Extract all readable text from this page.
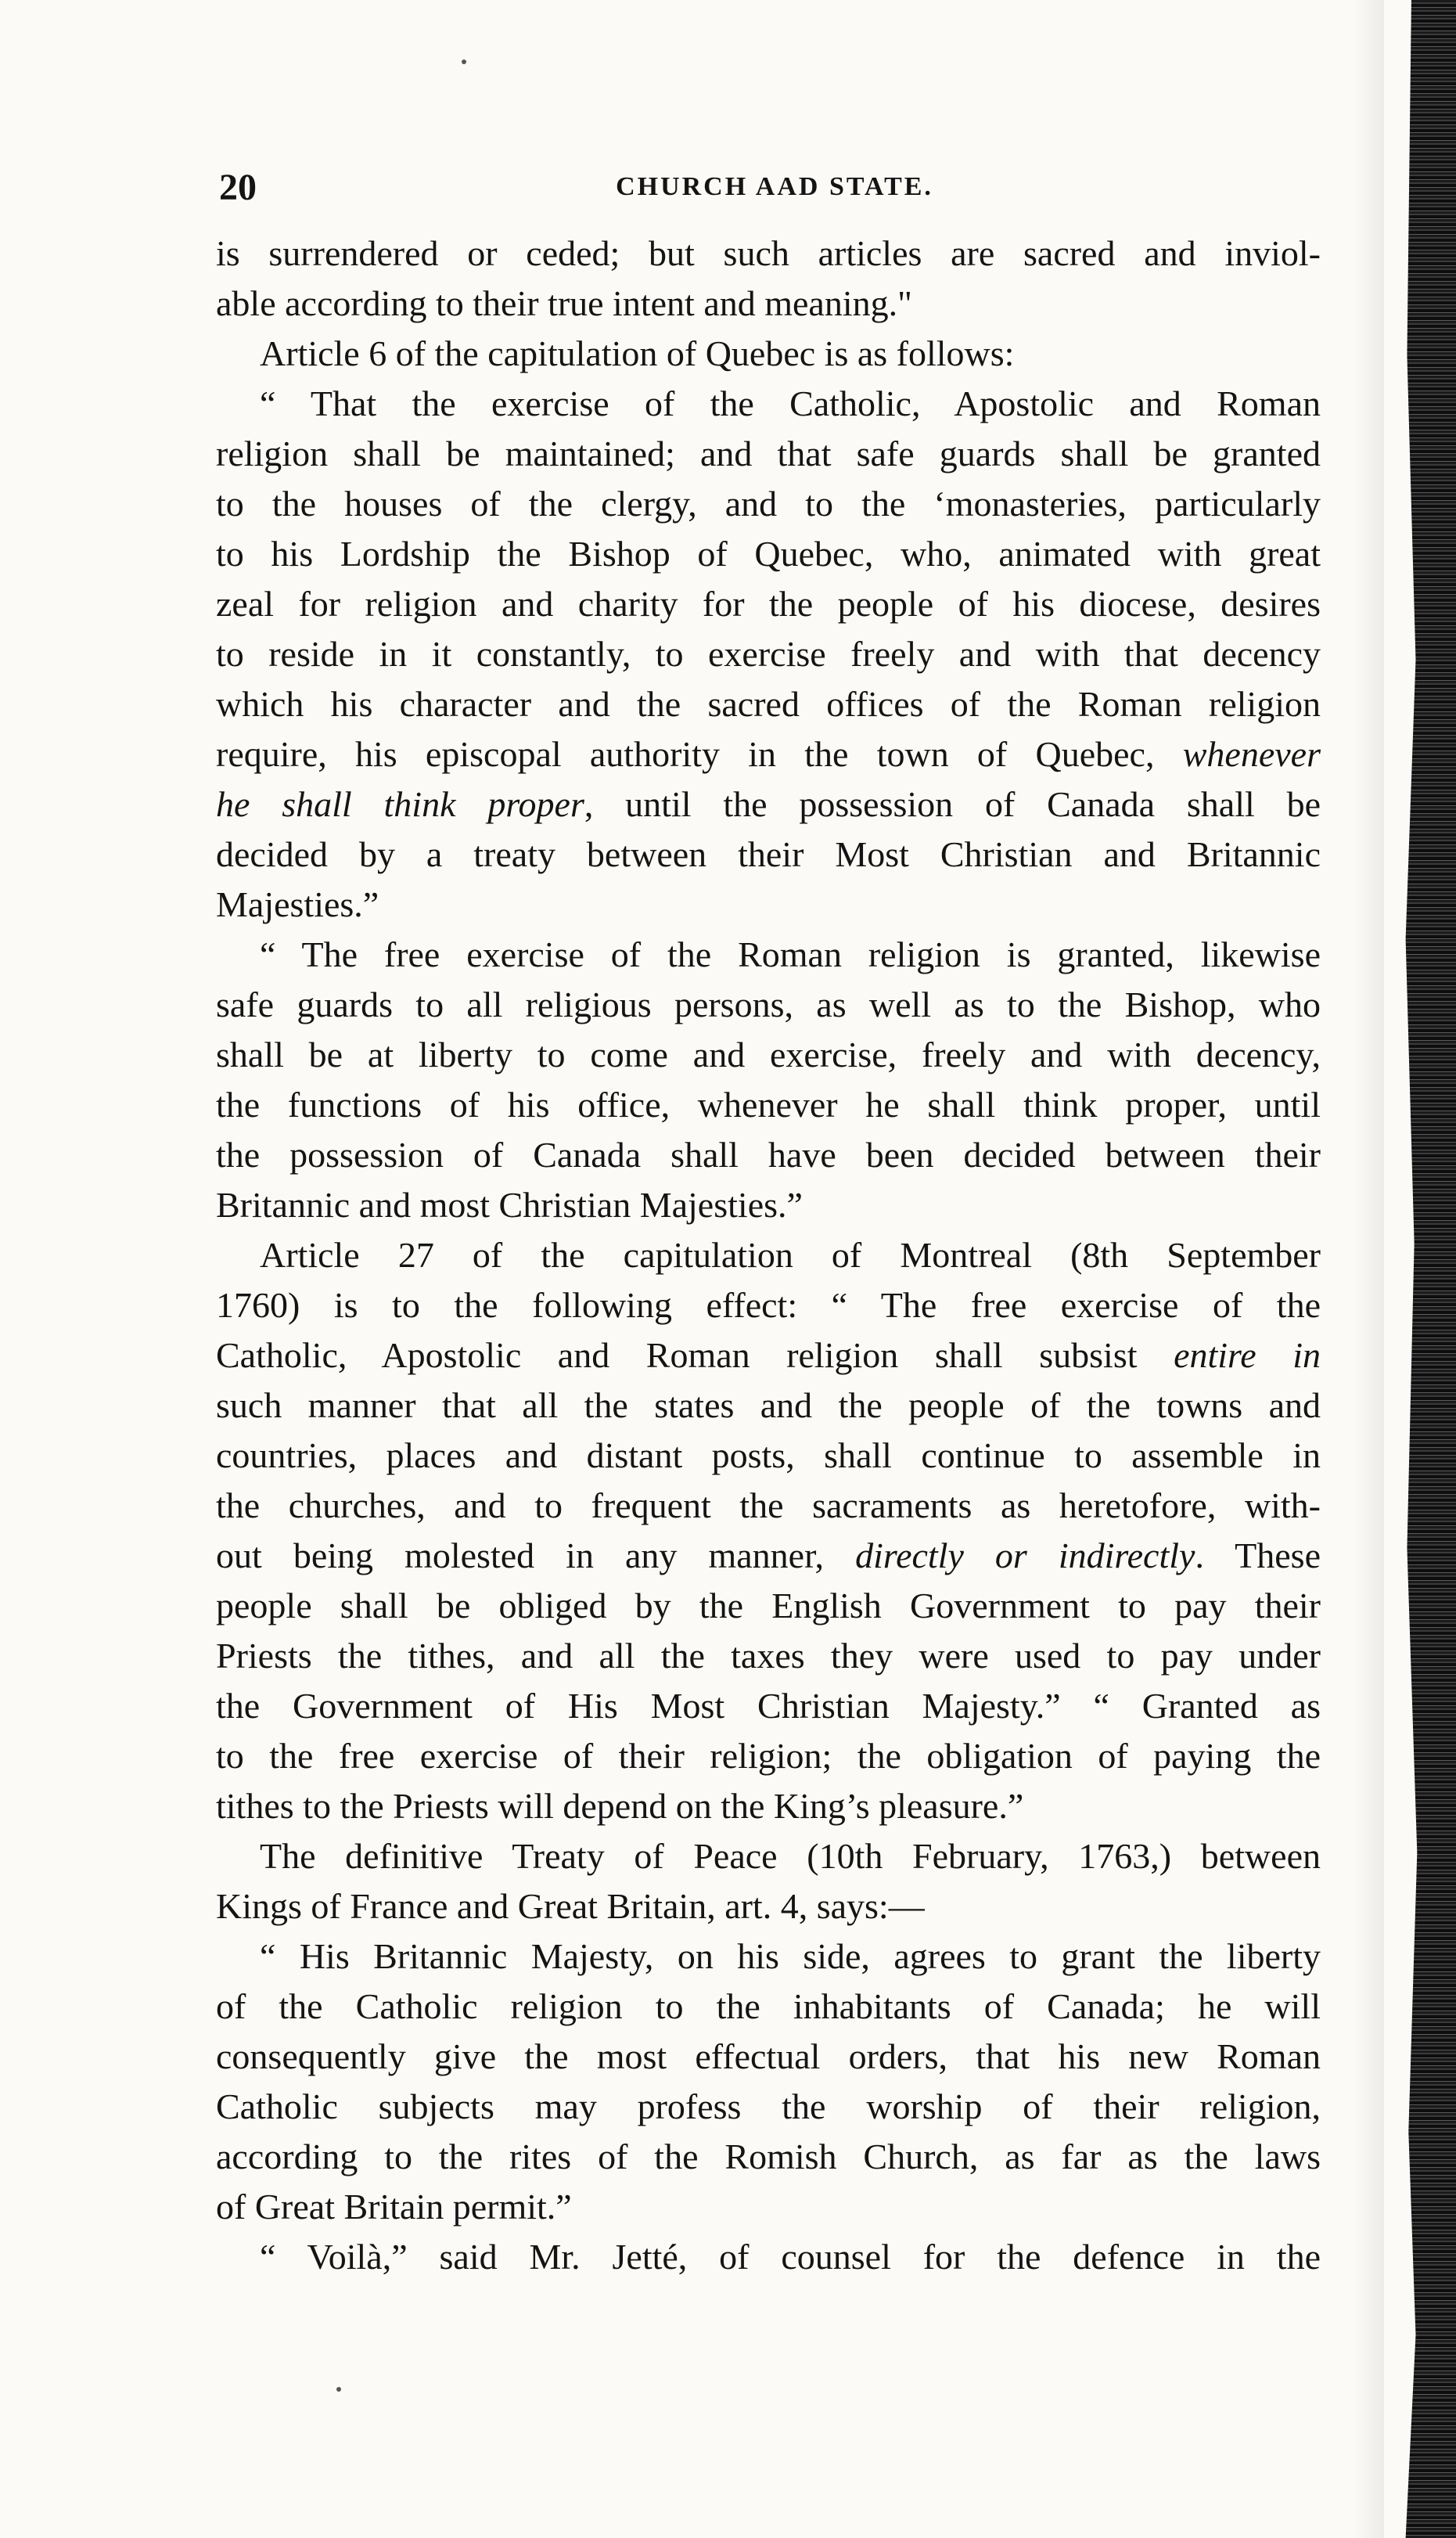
20	CHURCH AAD STATE.
is surrendered or ceded; but such articles are sacred and inviol-
able according to their true intent and meaning."
Article 6 of the capitulation of Quebec is as follows:
“ That the exercise of the Catholic, Apostolic and Roman
religion shall be maintained; and that safe guards shall be granted
to the houses of the clergy, and to the ‘monasteries, particularly
to his Lordship the Bishop of Quebec, who, animated with great
zeal for religion and charity for the people of his diocese, desires
to reside in it constantly, to exercise freely and with that decency
which his character and the sacred offices of the Roman religion
require, his episcopal authority in the town of Quebec, whenever
he shall think proper, until the possession of Canada shall be
decided by a treaty between their Most Christian and Britannic
Majesties.”
“ The free exercise of the Roman religion is granted, likewise
safe guards to all religious persons, as well as to the Bishop, who
shall be at liberty to come and exercise, freely and with decency,
the functions of his office, whenever he shall think proper, until
the possession of Canada shall have been decided between their
Britannic and most Christian Majesties.”
Article 27 of the capitulation of Montreal (8th September
1760) is to the following effect: “ The free exercise of the
Catholic, Apostolic and Roman religion shall subsist entire in
such manner that all the states and the people of the towns and
countries, places and distant posts, shall continue to assemble in
the churches, and to frequent the sacraments as heretofore, with-
out being molested in any manner, directly or indirectly. These
people shall be obliged by the English Government to pay their
Priests the tithes, and all the taxes they were used to pay under
the Government of His Most Christian Majesty.” “ Granted as
to the free exercise of their religion; the obligation of paying the
tithes to the Priests will depend on the King’s pleasure.”
The definitive Treaty of Peace (10th February, 1763,) between
Kings of France and Great Britain, art. 4, says:—
“ His Britannic Majesty, on his side, agrees to grant the liberty
of the Catholic religion to the inhabitants of Canada; he will
consequently give the most effectual orders, that his new Roman
Catholic subjects may profess the worship of their religion,
according to the rites of the Romish Church, as far as the laws
of Great Britain permit.”
“ Voilà,” said Mr. Jetté, of counsel for the defence in the
